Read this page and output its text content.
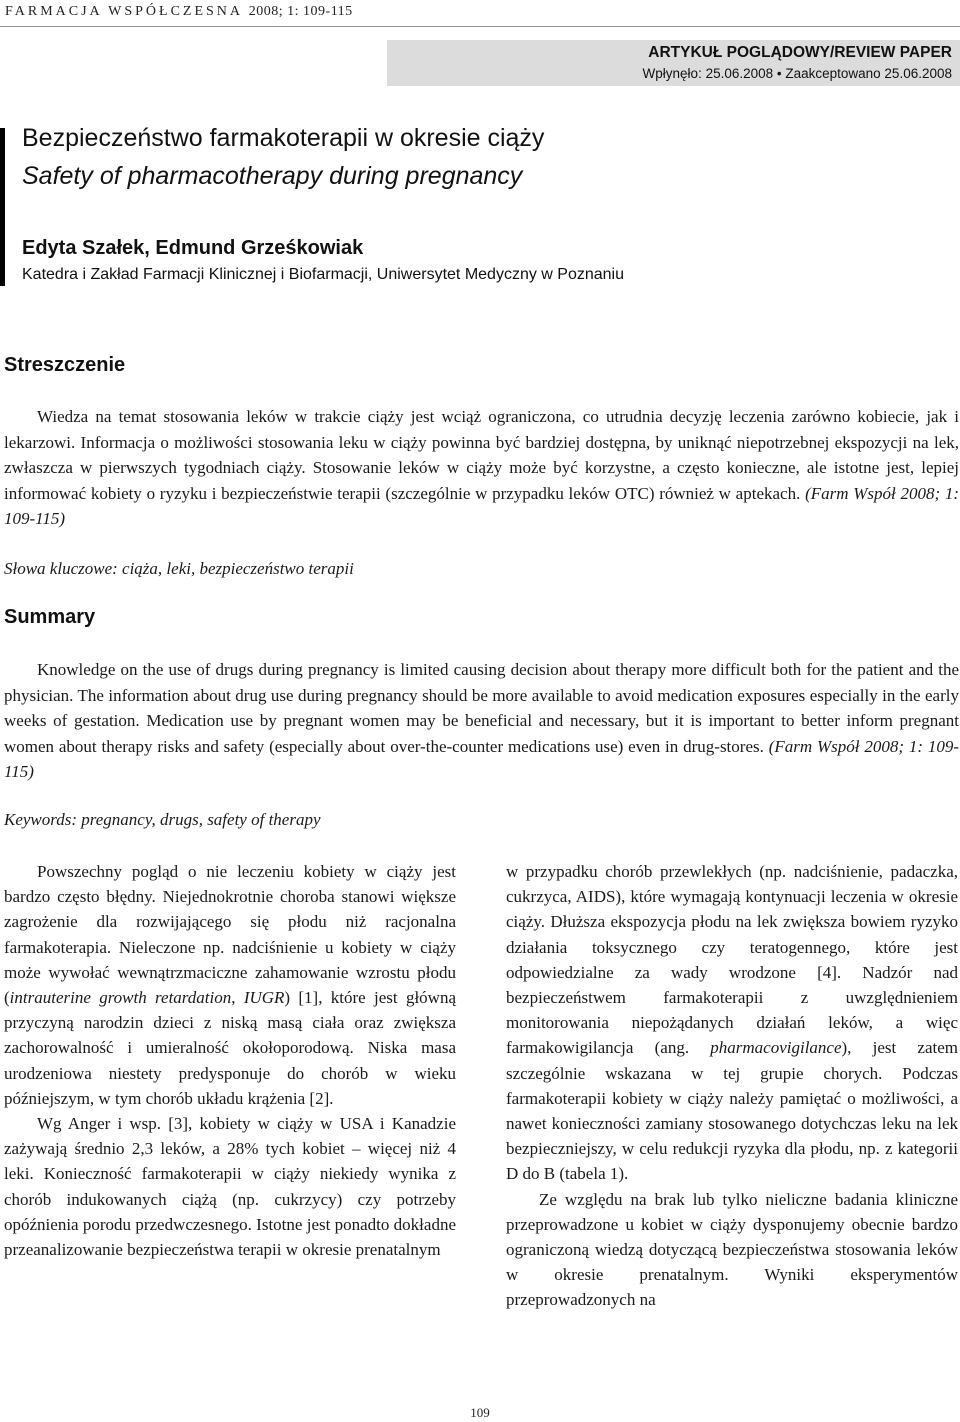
FARMACJA WSPÓŁCZESNA 2008; 1: 109-115
ARTYKUŁ POGLĄDOWY/REVIEW PAPER
Wpłynęło: 25.06.2008 • Zaakceptowano 25.06.2008
Bezpieczeństwo farmakoterapii w okresie ciąży
Safety of pharmacotherapy during pregnancy
Edyta Szałek, Edmund Grześkowiak
Katedra i Zakład Farmacji Klinicznej i Biofarmacji, Uniwersytet Medyczny w Poznaniu
Streszczenie
Wiedza na temat stosowania leków w trakcie ciąży jest wciąż ograniczona, co utrudnia decyzję leczenia zarówno kobiecie, jak i lekarzowi. Informacja o możliwości stosowania leku w ciąży powinna być bardziej dostępna, by uniknąć niepotrzebnej ekspozycji na lek, zwłaszcza w pierwszych tygodniach ciąży. Stosowanie leków w ciąży może być korzystne, a często konieczne, ale istotne jest, lepiej informować kobiety o ryzyku i bezpieczeństwie terapii (szczególnie w przypadku leków OTC) również w aptekach. (Farm Współ 2008; 1: 109-115)
Słowa kluczowe: ciąża, leki, bezpieczeństwo terapii
Summary
Knowledge on the use of drugs during pregnancy is limited causing decision about therapy more difficult both for the patient and the physician. The information about drug use during pregnancy should be more available to avoid medication exposures especially in the early weeks of gestation. Medication use by pregnant women may be beneficial and necessary, but it is important to better inform pregnant women about therapy risks and safety (especially about over-the-counter medications use) even in drug-stores. (Farm Współ 2008; 1: 109-115)
Keywords: pregnancy, drugs, safety of therapy

Powszechny pogląd o nie leczeniu kobiety w ciąży jest bardzo często błędny. Niejednokrotnie choroba stanowi większe zagrożenie dla rozwijającego się płodu niż racjonalna farmakoterapia. Nieleczone np. nadciśnienie u kobiety w ciąży może wywołać wewnątrzmaciczne zahamowanie wzrostu płodu (intrauterine growth retardation, IUGR) [1], które jest główną przyczyną narodzin dzieci z niską masą ciała oraz zwiększa zachorowalność i umieralność okołoporodową. Niska masa urodzeniowa niestety predysponuje do chorób w wieku późniejszym, w tym chorób układu krążenia [2].

Wg Anger i wsp. [3], kobiety w ciąży w USA i Kanadzie zażywają średnio 2,3 leków, a 28% tych kobiet – więcej niż 4 leki. Konieczność farmakoterapii w ciąży niekiedy wynika z chorób indukowanych ciążą (np. cukrzycy) czy potrzeby opóźnienia porodu przedwczesnego. Istotne jest ponadto dokładne przeanalizowanie bezpieczeństwa terapii w okresie prenatalnym

w przypadku chorób przewlekłych (np. nadciśnienie, padaczka, cukrzyca, AIDS), które wymagają kontynuacji leczenia w okresie ciąży. Dłuższa ekspozycja płodu na lek zwiększa bowiem ryzyko działania toksycznego czy teratogennego, które jest odpowiedzialne za wady wrodzone [4]. Nadzór nad bezpieczeństwem farmakoterapii z uwzględnieniem monitorowania niepożądanych działań leków, a więc farmakowigilancja (ang. pharmacovigilance), jest zatem szczególnie wskazana w tej grupie chorych. Podczas farmakoterapii kobiety w ciąży należy pamiętać o możliwości, a nawet konieczności zamiany stosowanego dotychczas leku na lek bezpieczniejszy, w celu redukcji ryzyka dla płodu, np. z kategorii D do B (tabela 1).

Ze względu na brak lub tylko nieliczne badania kliniczne przeprowadzone u kobiet w ciąży dysponujemy obecnie bardzo ograniczoną wiedzą dotyczącą bezpieczeństwa stosowania leków w okresie prenatalnym. Wyniki eksperymentów przeprowadzonych na

109
